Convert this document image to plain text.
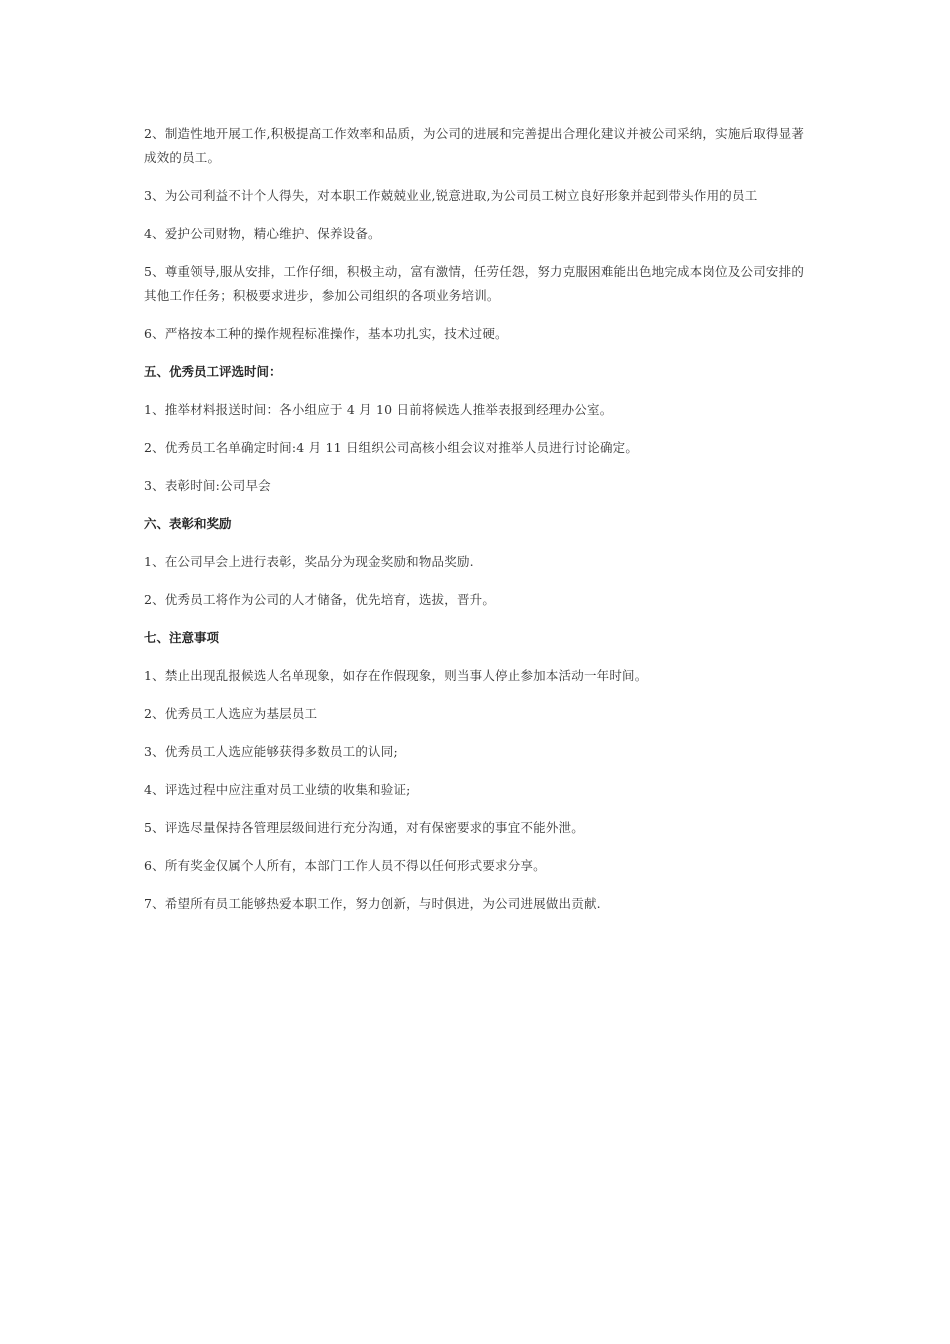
2、制造性地开展工作,积极提高工作效率和品质，为公司的进展和完善提出合理化建议并被公司采纳，实施后取得显著成效的员工。

3、为公司利益不计个人得失，对本职工作兢兢业业,锐意进取,为公司员工树立良好形象并起到带头作用的员工

4、爱护公司财物，精心维护、保养设备。

5、尊重领导,服从安排，工作仔细，积极主动，富有激情，任劳任怨，努力克服困难能出色地完成本岗位及公司安排的其他工作任务；积极要求进步，参加公司组织的各项业务培训。

6、严格按本工种的操作规程标准操作，基本功扎实，技术过硬。

五、优秀员工评选时间：

1、推举材料报送时间：各小组应于 4 月 10 日前将候选人推举表报到经理办公室。

2、优秀员工名单确定时间:4 月 11 日组织公司高核小组会议对推举人员进行讨论确定。

3、表彰时间:公司早会

六、表彰和奖励

1、在公司早会上进行表彰，奖品分为现金奖励和物品奖励.

2、优秀员工将作为公司的人才储备，优先培育，选拔，晋升。

七、注意事项

1、禁止出现乱报候选人名单现象，如存在作假现象，则当事人停止参加本活动一年时间。

2、优秀员工人选应为基层员工

3、优秀员工人选应能够获得多数员工的认同;

4、评选过程中应注重对员工业绩的收集和验证;

5、评选尽量保持各管理层级间进行充分沟通，对有保密要求的事宜不能外泄。

6、所有奖金仅属个人所有，本部门工作人员不得以任何形式要求分享。

7、希望所有员工能够热爱本职工作，努力创新，与时俱进，为公司进展做出贡献.
